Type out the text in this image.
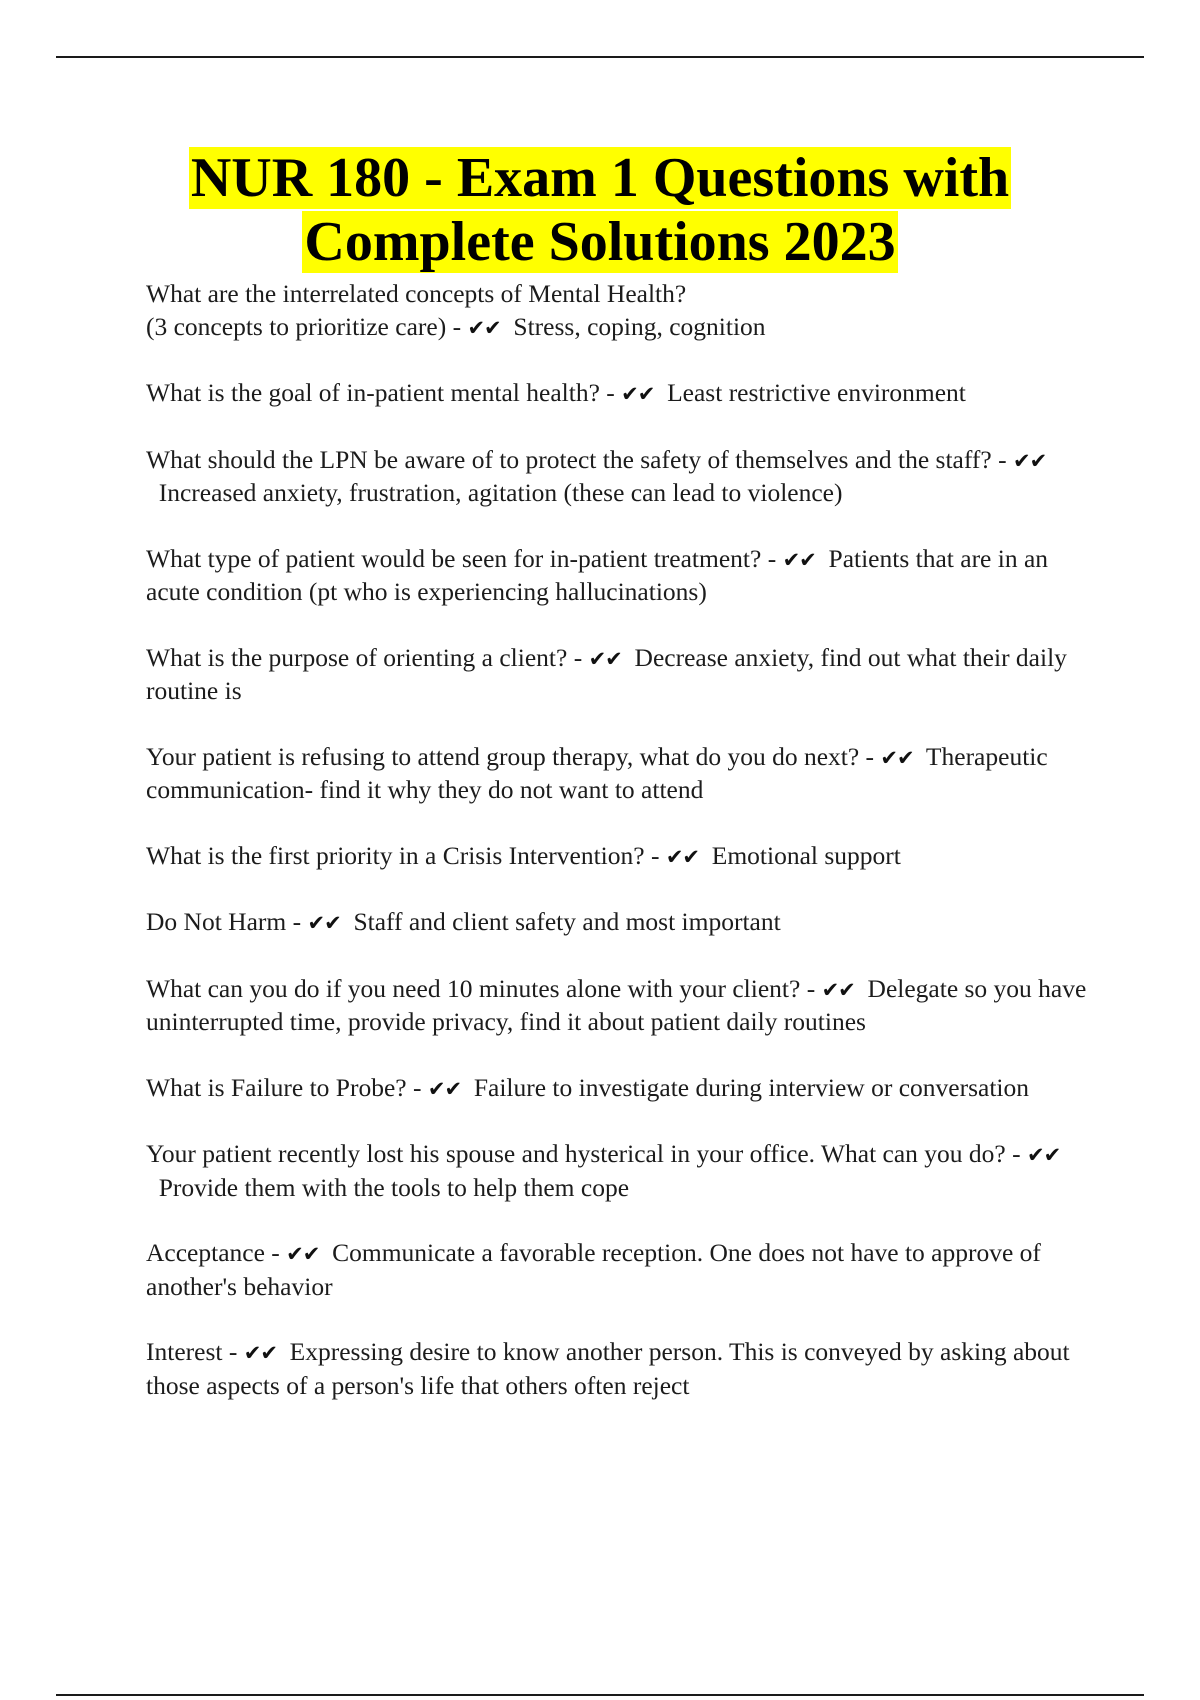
NUR 180 - Exam 1 Questions with
Complete Solutions 2023
What are the interrelated concepts of Mental Health?
(3 concepts to prioritize care) - ✔✔ Stress, coping, cognition
What is the goal of in-patient mental health? - ✔✔ Least restrictive environment
What should the LPN be aware of to protect the safety of themselves and the staff? - ✔✔  Increased anxiety, frustration, agitation (these can lead to violence)
What type of patient would be seen for in-patient treatment? - ✔✔ Patients that are in an acute condition (pt who is experiencing hallucinations)
What is the purpose of orienting a client? - ✔✔ Decrease anxiety, find out what their daily routine is
Your patient is refusing to attend group therapy, what do you do next? - ✔✔ Therapeutic communication- find it why they do not want to attend
What is the first priority in a Crisis Intervention? - ✔✔ Emotional support
Do Not Harm - ✔✔ Staff and client safety and most important
What can you do if you need 10 minutes alone with your client? - ✔✔ Delegate so you have uninterrupted time, provide privacy, find it about patient daily routines
What is Failure to Probe? - ✔✔ Failure to investigate during interview or conversation
Your patient recently lost his spouse and hysterical in your office. What can you do? - ✔✔  Provide them with the tools to help them cope
Acceptance - ✔✔ Communicate a favorable reception. One does not have to approve of another's behavior
Interest - ✔✔ Expressing desire to know another person. This is conveyed by asking about those aspects of a person's life that others often reject
